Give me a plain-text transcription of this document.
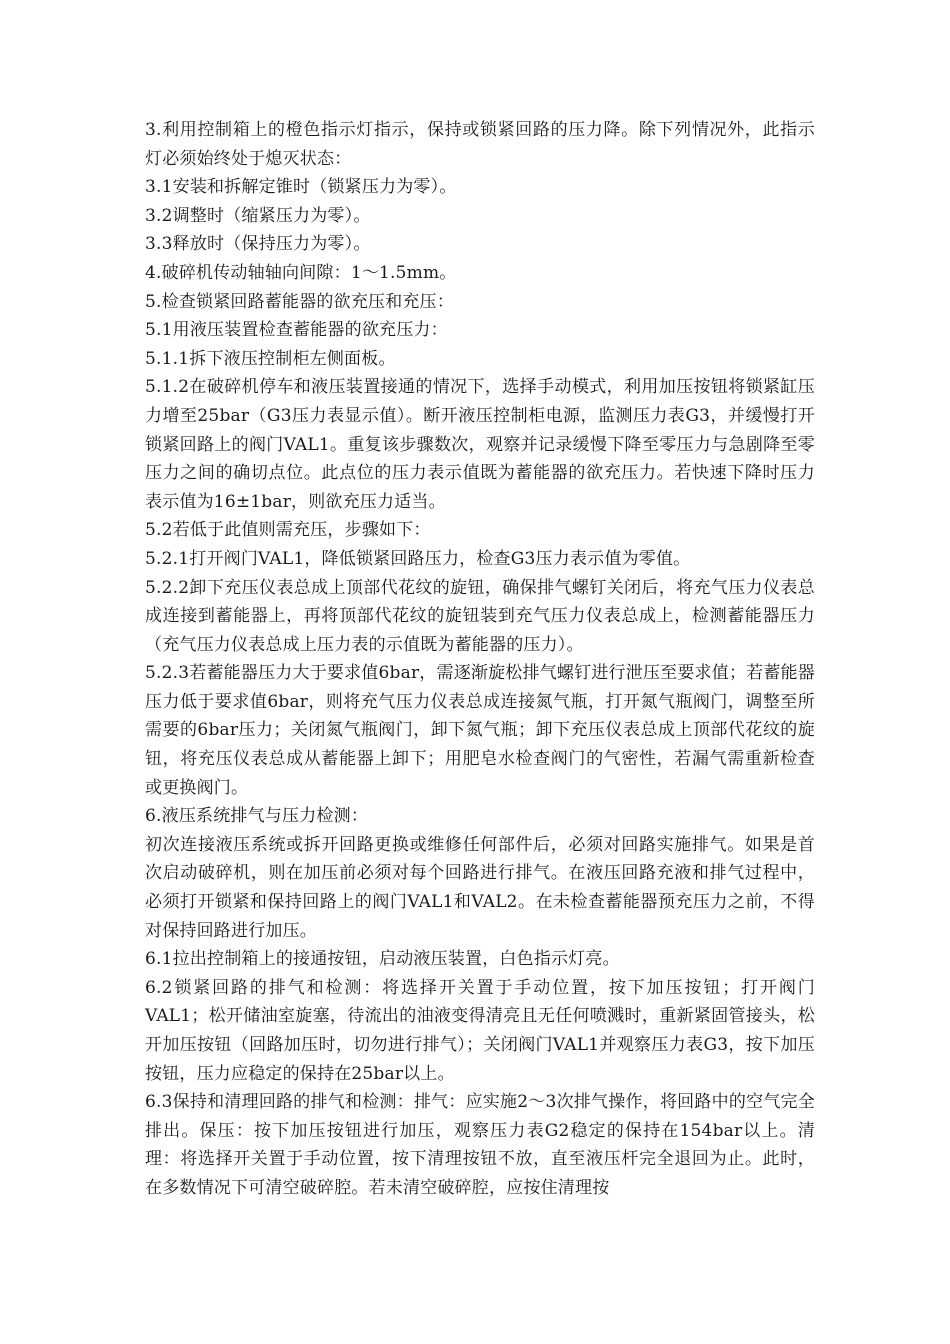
3.利用控制箱上的橙色指示灯指示，保持或锁紧回路的压力降。除下列情况外，此指示灯必须始终处于熄灭状态：

3.1安装和拆解定锥时（锁紧压力为零）。

3.2调整时（缩紧压力为零）。

3.3释放时（保持压力为零）。

4.破碎机传动轴轴向间隙：1～1.5mm。

5.检查锁紧回路蓄能器的欲充压和充压：

5.1用液压装置检查蓄能器的欲充压力：

5.1.1拆下液压控制柜左侧面板。

5.1.2在破碎机停车和液压装置接通的情况下，选择手动模式，利用加压按钮将锁紧缸压力增至25bar（G3压力表显示值）。断开液压控制柜电源，监测压力表G3，并缓慢打开锁紧回路上的阀门VAL1。重复该步骤数次，观察并记录缓慢下降至零压力与急剧降至零压力之间的确切点位。此点位的压力表示值既为蓄能器的欲充压力。若快速下降时压力表示值为16±1bar，则欲充压力适当。

5.2若低于此值则需充压，步骤如下：

5.2.1打开阀门VAL1，降低锁紧回路压力，检查G3压力表示值为零值。

5.2.2卸下充压仪表总成上顶部代花纹的旋钮，确保排气螺钉关闭后，将充气压力仪表总成连接到蓄能器上，再将顶部代花纹的旋钮装到充气压力仪表总成上，检测蓄能器压力（充气压力仪表总成上压力表的示值既为蓄能器的压力）。

5.2.3若蓄能器压力大于要求值6bar，需逐渐旋松排气螺钉进行泄压至要求值；若蓄能器压力低于要求值6bar，则将充气压力仪表总成连接氮气瓶，打开氮气瓶阀门，调整至所需要的6bar压力；关闭氮气瓶阀门，卸下氮气瓶；卸下充压仪表总成上顶部代花纹的旋钮，将充压仪表总成从蓄能器上卸下；用肥皂水检查阀门的气密性，若漏气需重新检查或更换阀门。

6.液压系统排气与压力检测：

初次连接液压系统或拆开回路更换或维修任何部件后，必须对回路实施排气。如果是首次启动破碎机，则在加压前必须对每个回路进行排气。在液压回路充液和排气过程中，必须打开锁紧和保持回路上的阀门VAL1和VAL2。在未检查蓄能器预充压力之前，不得对保持回路进行加压。

6.1拉出控制箱上的接通按钮，启动液压装置，白色指示灯亮。

6.2锁紧回路的排气和检测：将选择开关置于手动位置，按下加压按钮；打开阀门VAL1；松开储油室旋塞，待流出的油液变得清亮且无任何喷溅时，重新紧固管接头，松开加压按钮（回路加压时，切勿进行排气）；关闭阀门VAL1并观察压力表G3，按下加压按钮，压力应稳定的保持在25bar以上。

6.3保持和清理回路的排气和检测：排气：应实施2～3次排气操作，将回路中的空气完全排出。保压：按下加压按钮进行加压，观察压力表G2稳定的保持在154bar以上。清理：将选择开关置于手动位置，按下清理按钮不放，直至液压杆完全退回为止。此时，在多数情况下可清空破碎腔。若未清空破碎腔，应按住清理按
